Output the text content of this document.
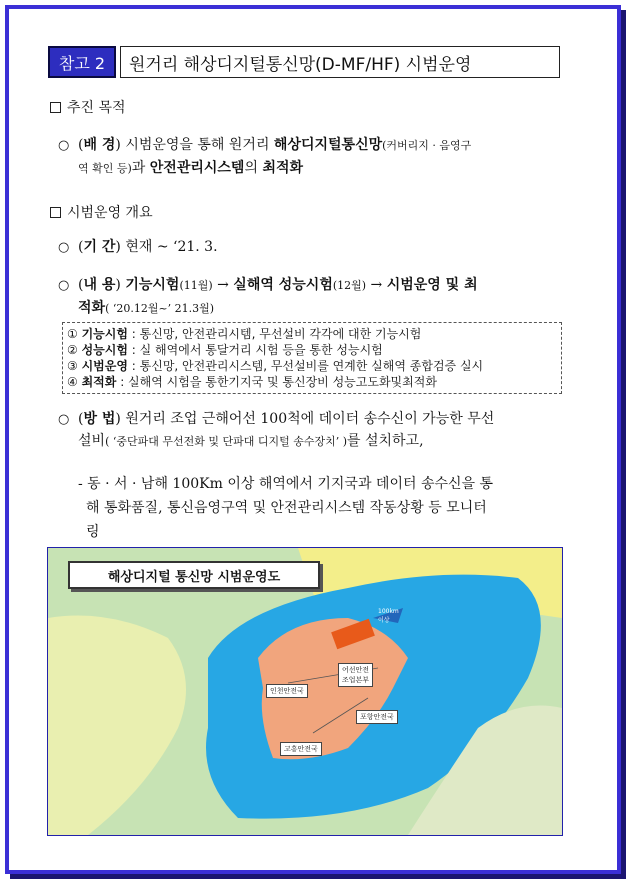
참고 2	원거리 해상디지털통신망(D-MF/HF) 시범운영
추진 목적
○ (배 경) 시범운영을 통해 원거리 해상디지털통신망(커버리지 · 음영구
역 확인 등)과 안전관리시스템의 최적화
시범운영 개요
○ (기 간) 현재 ~ ‘21. 3.
○ (내 용) 기능시험(11월) → 실해역 성능시험(12월) → 시범운영 및 최
적화( ‘20.12월~’ 21.3월)
① 기능시험 : 통신망, 안전관리시템, 무선설비 각각에 대한 기능시험
② 성능시험 : 실 해역에서 통달거리 시험 등을 통한 성능시험
③ 시범운영 : 통신망, 안전관리시스템, 무선설비를 연계한 실해역 종합검증 실시
④ 최적화 : 실해역 시험을 통한기지국 및 통신장비 성능고도화및최적화
○ (방 법) 원거리 조업 근해어선 100척에 데이터 송수신이 가능한 무선
설비( ‘중단파대 무선전화 및 단파대 디지털 송수장치’ )를 설치하고,
- 동 · 서 · 남해 100Km 이상 해역에서 기지국과 데이터 송수신을 통
해 통화품질, 통신음영구역 및 안전관리시스템 작동상황 등 모니터
링
해상디지털 통신망 시범운영도
인천안전국
어선안전
조업본부
포항안전국
고흥안전국
100km
이상
